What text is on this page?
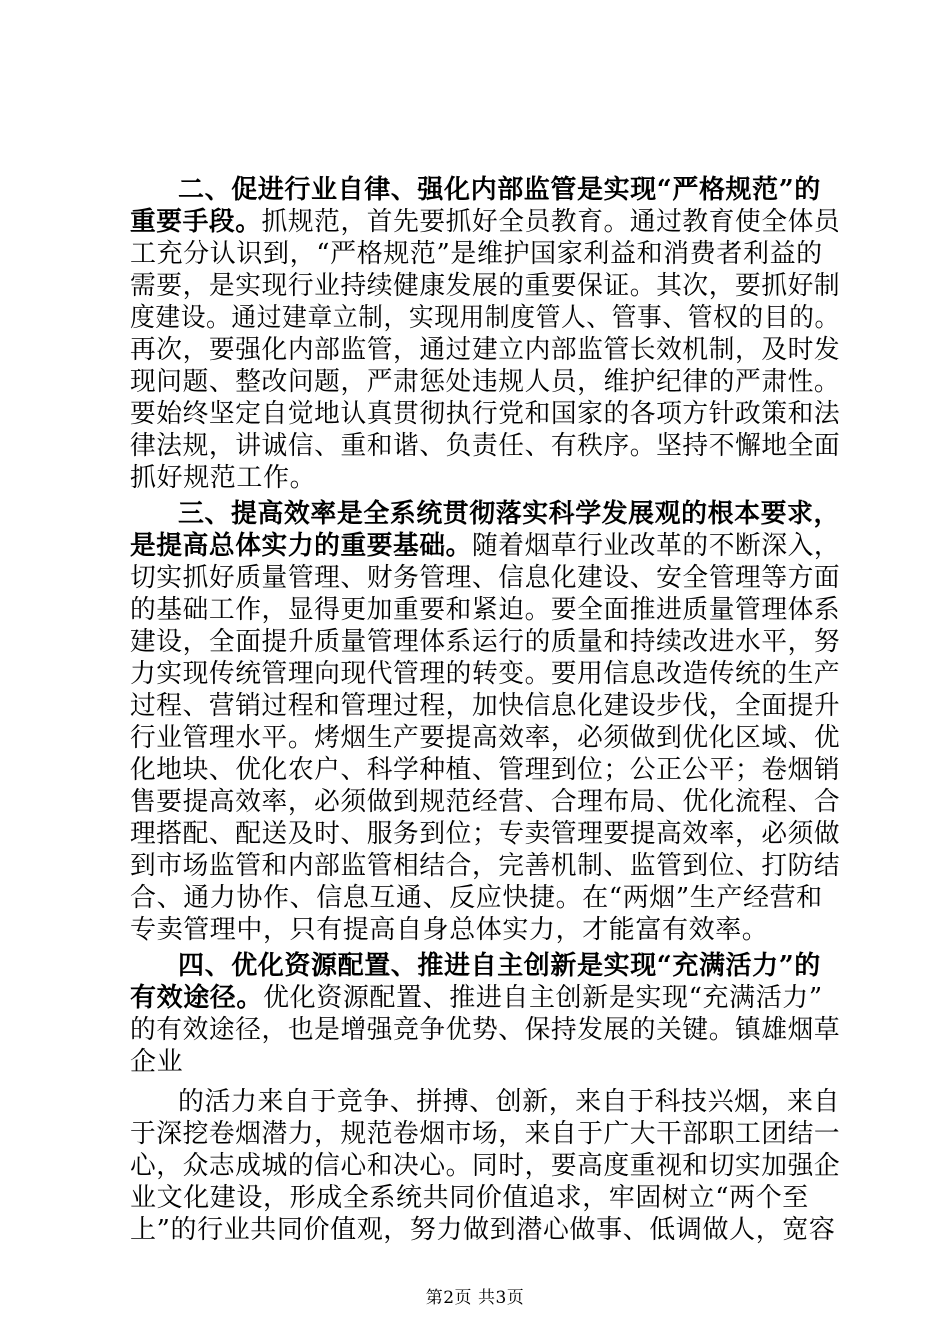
二、促进行业自律、强化内部监管是实现“严格规范”的
重要手段。抓规范，首先要抓好全员教育。通过教育使全体员
工充分认识到，“严格规范”是维护国家利益和消费者利益的
需要，是实现行业持续健康发展的重要保证。其次，要抓好制
度建设。通过建章立制，实现用制度管人、管事、管权的目的。
再次，要强化内部监管，通过建立内部监管长效机制，及时发
现问题、整改问题，严肃惩处违规人员，维护纪律的严肃性。
要始终坚定自觉地认真贯彻执行党和国家的各项方针政策和法
律法规，讲诚信、重和谐、负责任、有秩序。坚持不懈地全面
抓好规范工作。
三、提高效率是全系统贯彻落实科学发展观的根本要求，
是提高总体实力的重要基础。随着烟草行业改革的不断深入，
切实抓好质量管理、财务管理、信息化建设、安全管理等方面
的基础工作，显得更加重要和紧迫。要全面推进质量管理体系
建设，全面提升质量管理体系运行的质量和持续改进水平，努
力实现传统管理向现代管理的转变。要用信息改造传统的生产
过程、营销过程和管理过程，加快信息化建设步伐，全面提升
行业管理水平。烤烟生产要提高效率，必须做到优化区域、优
化地块、优化农户、科学种植、管理到位；公正公平；卷烟销
售要提高效率，必须做到规范经营、合理布局、优化流程、合
理搭配、配送及时、服务到位；专卖管理要提高效率，必须做
到市场监管和内部监管相结合，完善机制、监管到位、打防结
合、通力协作、信息互通、反应快捷。在“两烟”生产经营和
专卖管理中，只有提高自身总体实力，才能富有效率。
四、优化资源配置、推进自主创新是实现“充满活力”的
有效途径。优化资源配置、推进自主创新是实现“充满活力”
的有效途径，也是增强竞争优势、保持发展的关键。镇雄烟草
企业
的活力来自于竞争、拼搏、创新，来自于科技兴烟，来自
于深挖卷烟潜力，规范卷烟市场，来自于广大干部职工团结一
心，众志成城的信心和决心。同时，要高度重视和切实加强企
业文化建设，形成全系统共同价值追求，牢固树立“两个至
上”的行业共同价值观，努力做到潜心做事、低调做人，宽容
第2页 共3页
